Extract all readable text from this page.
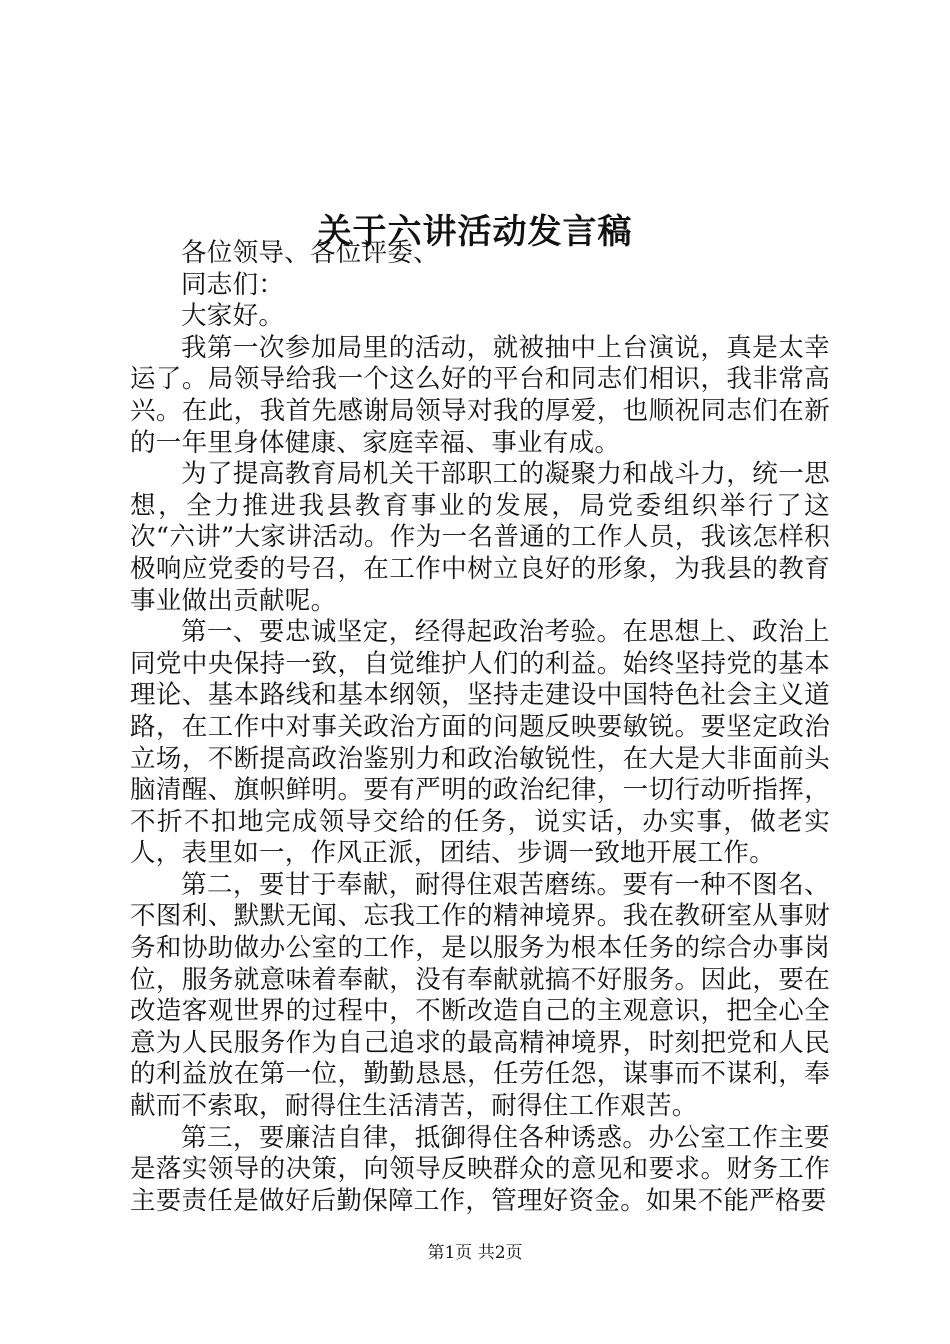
关于六讲活动发言稿

各位领导、各位评委、

同志们：

大家好。

我第一次参加局里的活动，就被抽中上台演说，真是太幸运了。局领导给我一个这么好的平台和同志们相识，我非常高兴。在此，我首先感谢局领导对我的厚爱，也顺祝同志们在新的一年里身体健康、家庭幸福、事业有成。

为了提高教育局机关干部职工的凝聚力和战斗力，统一思想，全力推进我县教育事业的发展，局党委组织举行了这次“六讲”大家讲活动。作为一名普通的工作人员，我该怎样积极响应党委的号召，在工作中树立良好的形象，为我县的教育事业做出贡献呢。

第一、要忠诚坚定，经得起政治考验。在思想上、政治上同党中央保持一致，自觉维护人们的利益。始终坚持党的基本理论、基本路线和基本纲领，坚持走建设中国特色社会主义道路，在工作中对事关政治方面的问题反映要敏锐。要坚定政治立场，不断提高政治鉴别力和政治敏锐性，在大是大非面前头脑清醒、旗帜鲜明。要有严明的政治纪律，一切行动听指挥，不折不扣地完成领导交给的任务，说实话，办实事，做老实人，表里如一，作风正派，团结、步调一致地开展工作。

第二，要甘于奉献，耐得住艰苦磨练。要有一种不图名、不图利、默默无闻、忘我工作的精神境界。我在教研室从事财务和协助做办公室的工作，是以服务为根本任务的综合办事岗位，服务就意味着奉献，没有奉献就搞不好服务。因此，要在改造客观世界的过程中，不断改造自己的主观意识，把全心全意为人民服务作为自己追求的最高精神境界，时刻把党和人民的利益放在第一位，勤勤恳恳，任劳任怨，谋事而不谋利，奉献而不索取，耐得住生活清苦，耐得住工作艰苦。

第三，要廉洁自律，抵御得住各种诱惑。办公室工作主要是落实领导的决策，向领导反映群众的意见和要求。财务工作主要责任是做好后勤保障工作，管理好资金。如果不能严格要

第1页 共2页
